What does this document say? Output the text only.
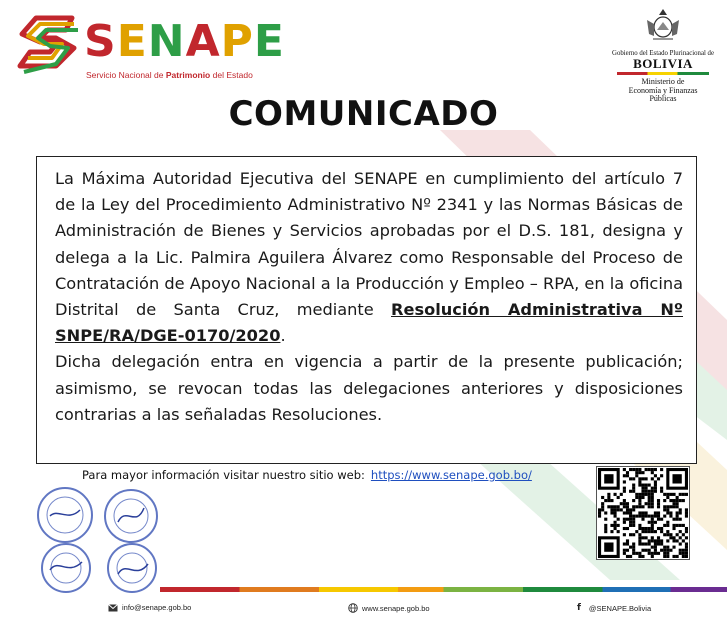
S E N A P E
Servicio Nacional de Patrimonio del Estado
Gobierno del Estado Plurinacional de
BOLIVIA
Ministerio de
Economía y Finanzas
Públicas
COMUNICADO

La Máxima Autoridad Ejecutiva del SENAPE en cumplimiento del artículo 7 de la Ley del Procedimiento Administrativo Nº 2341 y las Normas Básicas de Administración de Bienes y Servicios aprobadas por el D.S. 181, designa y delega a la Lic. Palmira Aguilera Álvarez como Responsable del Proceso de Contratación de Apoyo Nacional a la Producción y Empleo – RPA, en la oficina Distrital de Santa Cruz, mediante Resolución Administrativa Nº SNPE/RA/DGE-0170/2020.

Dicha delegación entra en vigencia a partir de la presente publicación; asimismo, se revocan todas las delegaciones anteriores y disposiciones contrarias a las señaladas Resoluciones.

Para mayor información visitar nuestro sitio web: https://www.senape.gob.bo/
info@senape.gob.bo	www.senape.gob.bo	f @SENAPE.Bolivia
